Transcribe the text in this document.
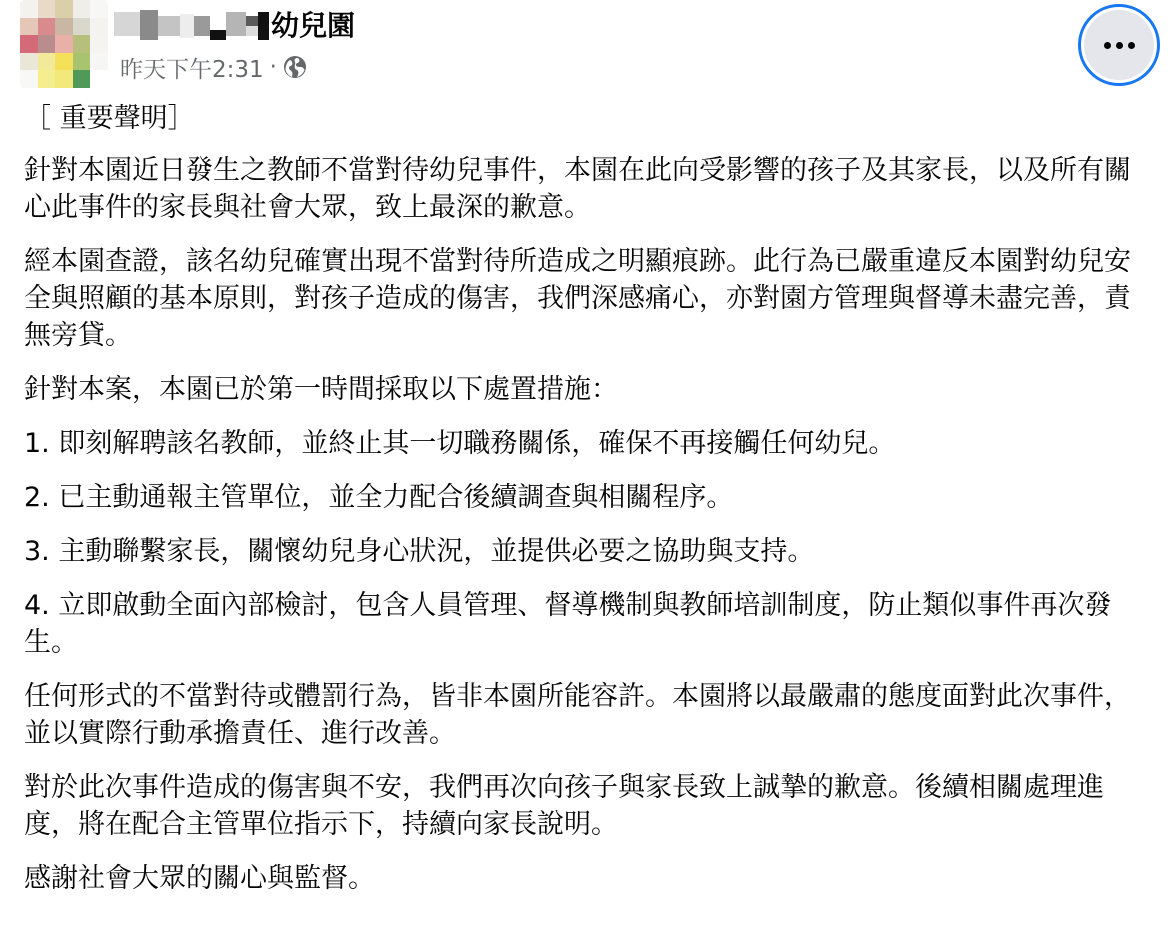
幼兒園
昨天下午2:31 ·

［ 重要聲明］

針對本園近日發生之教師不當對待幼兒事件，本園在此向受影響的孩子及其家長，以及所有關心此事件的家長與社會大眾，致上最深的歉意。

經本園查證，該名幼兒確實出現不當對待所造成之明顯痕跡。此行為已嚴重違反本園對幼兒安全與照顧的基本原則，對孩子造成的傷害，我們深感痛心，亦對園方管理與督導未盡完善，責無旁貸。

針對本案，本園已於第一時間採取以下處置措施：

1. 即刻解聘該名教師，並終止其一切職務關係，確保不再接觸任何幼兒。

2. 已主動通報主管單位，並全力配合後續調查與相關程序。

3. 主動聯繫家長，關懷幼兒身心狀況，並提供必要之協助與支持。

4. 立即啟動全面內部檢討，包含人員管理、督導機制與教師培訓制度，防止類似事件再次發生。

任何形式的不當對待或體罰行為，皆非本園所能容許。本園將以最嚴肅的態度面對此次事件，並以實際行動承擔責任、進行改善。

對於此次事件造成的傷害與不安，我們再次向孩子與家長致上誠摯的歉意。後續相關處理進度，將在配合主管單位指示下，持續向家長說明。

感謝社會大眾的關心與監督。
